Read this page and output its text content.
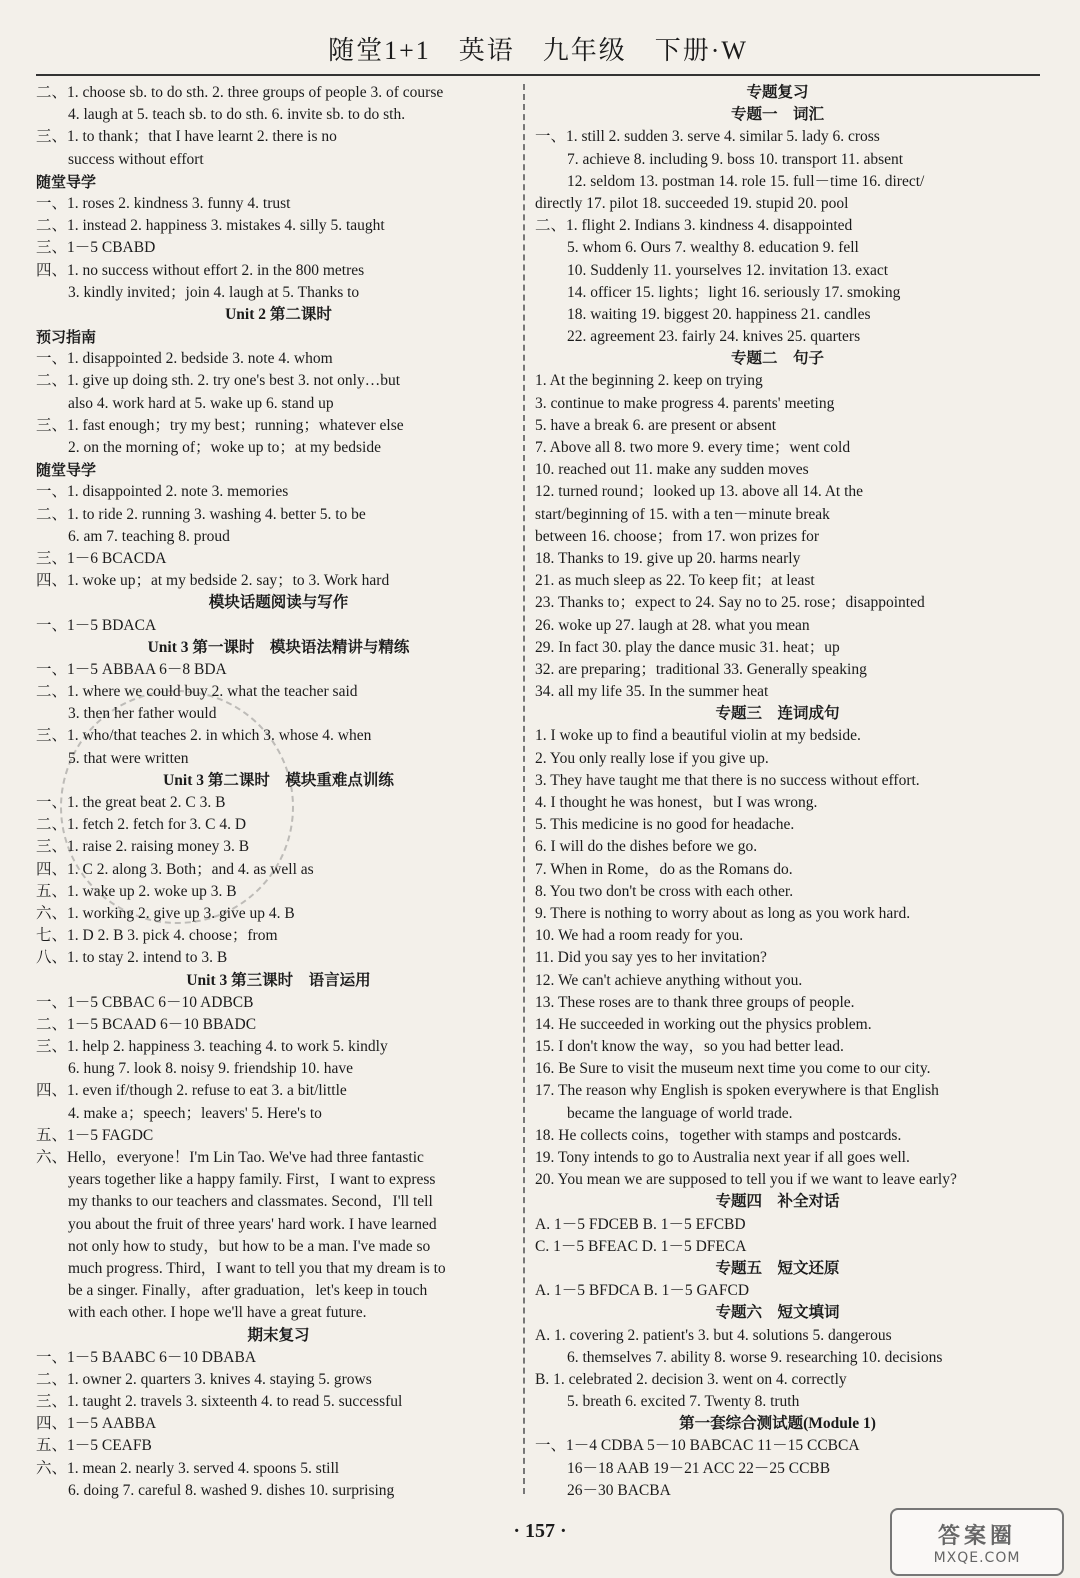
随堂1+1　英语　九年级　下册·W
二、1. choose sb. to do sth. 2. three groups of people 3. of course
4. laugh at 5. teach sb. to do sth. 6. invite sb. to do sth.
三、1. to thank；that I have learnt 2. there is no
success without effort
随堂导学
一、1. roses 2. kindness 3. funny 4. trust
二、1. instead 2. happiness 3. mistakes 4. silly 5. taught
三、1－5 CBABD
四、1. no success without effort 2. in the 800 metres
3. kindly invited；join 4. laugh at 5. Thanks to
Unit 2 第二课时
预习指南
一、1. disappointed 2. bedside 3. note 4. whom
二、1. give up doing sth. 2. try one's best 3. not only…but
also 4. work hard at 5. wake up 6. stand up
三、1. fast enough；try my best；running；whatever else
2. on the morning of；woke up to；at my bedside
随堂导学
一、1. disappointed 2. note 3. memories
二、1. to ride 2. running 3. washing 4. better 5. to be
6. am 7. teaching 8. proud
三、1－6 BCACDA
四、1. woke up；at my bedside 2. say；to 3. Work hard
模块话题阅读与写作
一、1－5 BDACA
Unit 3 第一课时　模块语法精讲与精练
一、1－5 ABBAA 6－8 BDA
二、1. where we could buy 2. what the teacher said
3. then her father would
三、1. who/that teaches 2. in which 3. whose 4. when
5. that were written
Unit 3 第二课时　模块重难点训练
一、1. the great beat 2. C 3. B
二、1. fetch 2. fetch for 3. C 4. D
三、1. raise 2. raising money 3. B
四、1. C 2. along 3. Both；and 4. as well as
五、1. wake up 2. woke up 3. B
六、1. working 2. give up 3. give up 4. B
七、1. D 2. B 3. pick 4. choose；from
八、1. to stay 2. intend to 3. B
Unit 3 第三课时　语言运用
一、1－5 CBBAC 6－10 ADBCB
二、1－5 BCAAD 6－10 BBADC
三、1. help 2. happiness 3. teaching 4. to work 5. kindly
6. hung 7. look 8. noisy 9. friendship 10. have
四、1. even if/though 2. refuse to eat 3. a bit/little
4. make a；speech；leavers' 5. Here's to
五、1－5 FAGDC
六、Hello，everyone！I'm Lin Tao. We've had three fantastic
years together like a happy family. First，I want to express
my thanks to our teachers and classmates. Second，I'll tell
you about the fruit of three years' hard work. I have learned
not only how to study，but how to be a man. I've made so
much progress. Third，I want to tell you that my dream is to
be a singer. Finally，after graduation，let's keep in touch
with each other. I hope we'll have a great future.
期末复习
一、1－5 BAABC 6－10 DBABA
二、1. owner 2. quarters 3. knives 4. staying 5. grows
三、1. taught 2. travels 3. sixteenth 4. to read 5. successful
四、1－5 AABBA
五、1－5 CEAFB
六、1. mean 2. nearly 3. served 4. spoons 5. still
6. doing 7. careful 8. washed 9. dishes 10. surprising
专题复习
专题一　词汇
一、1. still 2. sudden 3. serve 4. similar 5. lady 6. cross
7. achieve 8. including 9. boss 10. transport 11. absent
12. seldom 13. postman 14. role 15. full－time 16. direct/
directly 17. pilot 18. succeeded 19. stupid 20. pool
二、1. flight 2. Indians 3. kindness 4. disappointed
5. whom 6. Ours 7. wealthy 8. education 9. fell
10. Suddenly 11. yourselves 12. invitation 13. exact
14. officer 15. lights；light 16. seriously 17. smoking
18. waiting 19. biggest 20. happiness 21. candles
22. agreement 23. fairly 24. knives 25. quarters
专题二　句子
1. At the beginning 2. keep on trying
3. continue to make progress 4. parents' meeting
5. have a break 6. are present or absent
7. Above all 8. two more 9. every time；went cold
10. reached out 11. make any sudden moves
12. turned round；looked up 13. above all 14. At the
start/beginning of 15. with a ten－minute break
between 16. choose；from 17. won prizes for
18. Thanks to 19. give up 20. harms nearly
21. as much sleep as 22. To keep fit；at least
23. Thanks to；expect to 24. Say no to 25. rose；disappointed
26. woke up 27. laugh at 28. what you mean
29. In fact 30. play the dance music 31. heat；up
32. are preparing；traditional 33. Generally speaking
34. all my life 35. In the summer heat
专题三　连词成句
1. I woke up to find a beautiful violin at my bedside.
2. You only really lose if you give up.
3. They have taught me that there is no success without effort.
4. I thought he was honest，but I was wrong.
5. This medicine is no good for headache.
6. I will do the dishes before we go.
7. When in Rome，do as the Romans do.
8. You two don't be cross with each other.
9. There is nothing to worry about as long as you work hard.
10. We had a room ready for you.
11. Did you say yes to her invitation?
12. We can't achieve anything without you.
13. These roses are to thank three groups of people.
14. He succeeded in working out the physics problem.
15. I don't know the way，so you had better lead.
16. Be Sure to visit the museum next time you come to our city.
17. The reason why English is spoken everywhere is that English
became the language of world trade.
18. He collects coins，together with stamps and postcards.
19. Tony intends to go to Australia next year if all goes well.
20. You mean we are supposed to tell you if we want to leave early?
专题四　补全对话
A. 1－5 FDCEB B. 1－5 EFCBD
C. 1－5 BFEAC D. 1－5 DFECA
专题五　短文还原
A. 1－5 BFDCA B. 1－5 GAFCD
专题六　短文填词
A. 1. covering 2. patient's 3. but 4. solutions 5. dangerous
6. themselves 7. ability 8. worse 9. researching 10. decisions
B. 1. celebrated 2. decision 3. went on 4. correctly
5. breath 6. excited 7. Twenty 8. truth
第一套综合测试题(Module 1)
一、1－4 CDBA 5－10 BABCAC 11－15 CCBCA
16－18 AAB 19－21 ACC 22－25 CCBB
26－30 BACBA
· 157 ·	答案圈
MXQE.COM
